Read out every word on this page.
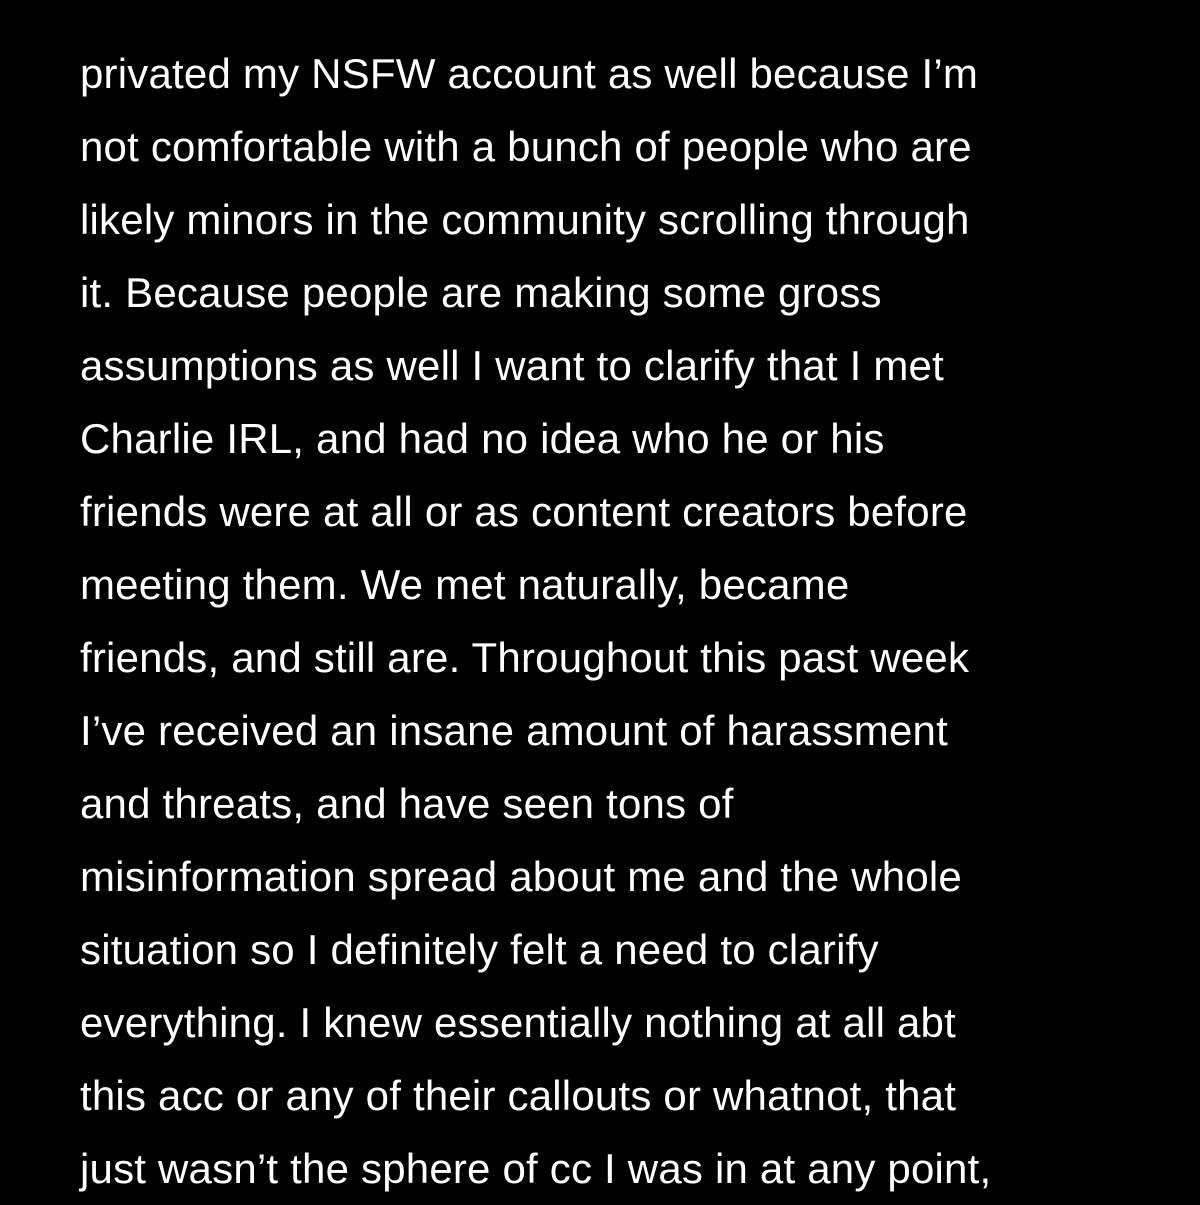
privated my NSFW account as well because I’m
not comfortable with a bunch of people who are
likely minors in the community scrolling through
it. Because people are making some gross
assumptions as well I want to clarify that I met
Charlie IRL, and had no idea who he or his
friends were at all or as content creators before
meeting them. We met naturally, became
friends, and still are. Throughout this past week
I’ve received an insane amount of harassment
and threats, and have seen tons of
misinformation spread about me and the whole
situation so I definitely felt a need to clarify
everything. I knew essentially nothing at all abt
this acc or any of their callouts or whatnot, that
just wasn’t the sphere of cc I was in at any point,
